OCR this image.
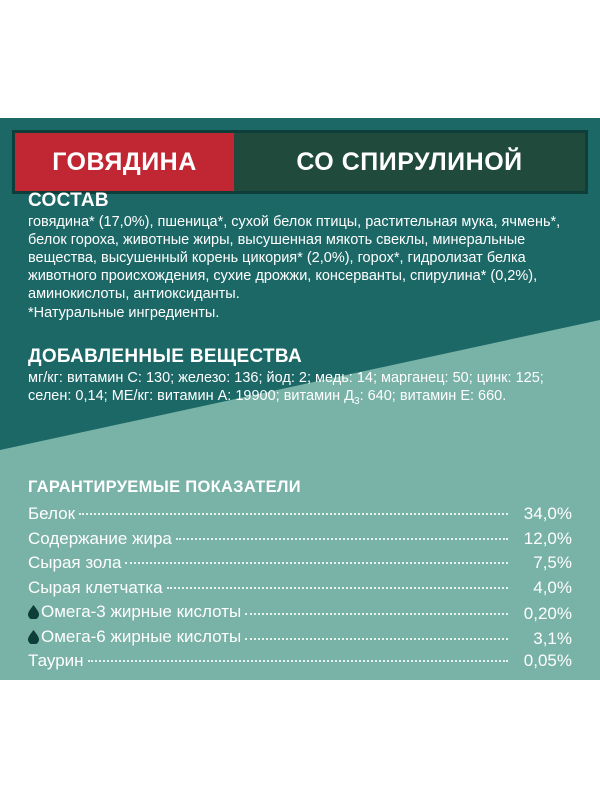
ГОВЯДИНА	СО СПИРУЛИНОЙ
СОСТАВ
говядина* (17,0%), пшеница*, сухой белок птицы, растительная мука, ячмень*, белок гороха, животные жиры, высушенная мякоть свеклы, минеральные вещества, высушенный корень цикория* (2,0%), горох*, гидролизат белка животного происхождения, сухие дрожжи, консерванты, спирулина* (0,2%), аминокислоты, антиоксиданты.
*Натуральные ингредиенты.
ДОБАВЛЕННЫЕ ВЕЩЕСТВА
мг/кг: витамин С: 130; железо: 136; йод: 2; медь: 14; марганец: 50; цинк: 125; селен: 0,14; МЕ/кг: витамин А: 19900; витамин $Д_3$: 640; витамин Е: 660.
ГАРАНТИРУЕМЫЕ ПОКАЗАТЕЛИ
Белок	34,0%
Содержание жира	12,0%
Сырая зола	7,5%
Сырая клетчатка	4,0%
Омега-3 жирные кислоты	0,20%
Омега-6 жирные кислоты	3,1%
Таурин	0,05%
